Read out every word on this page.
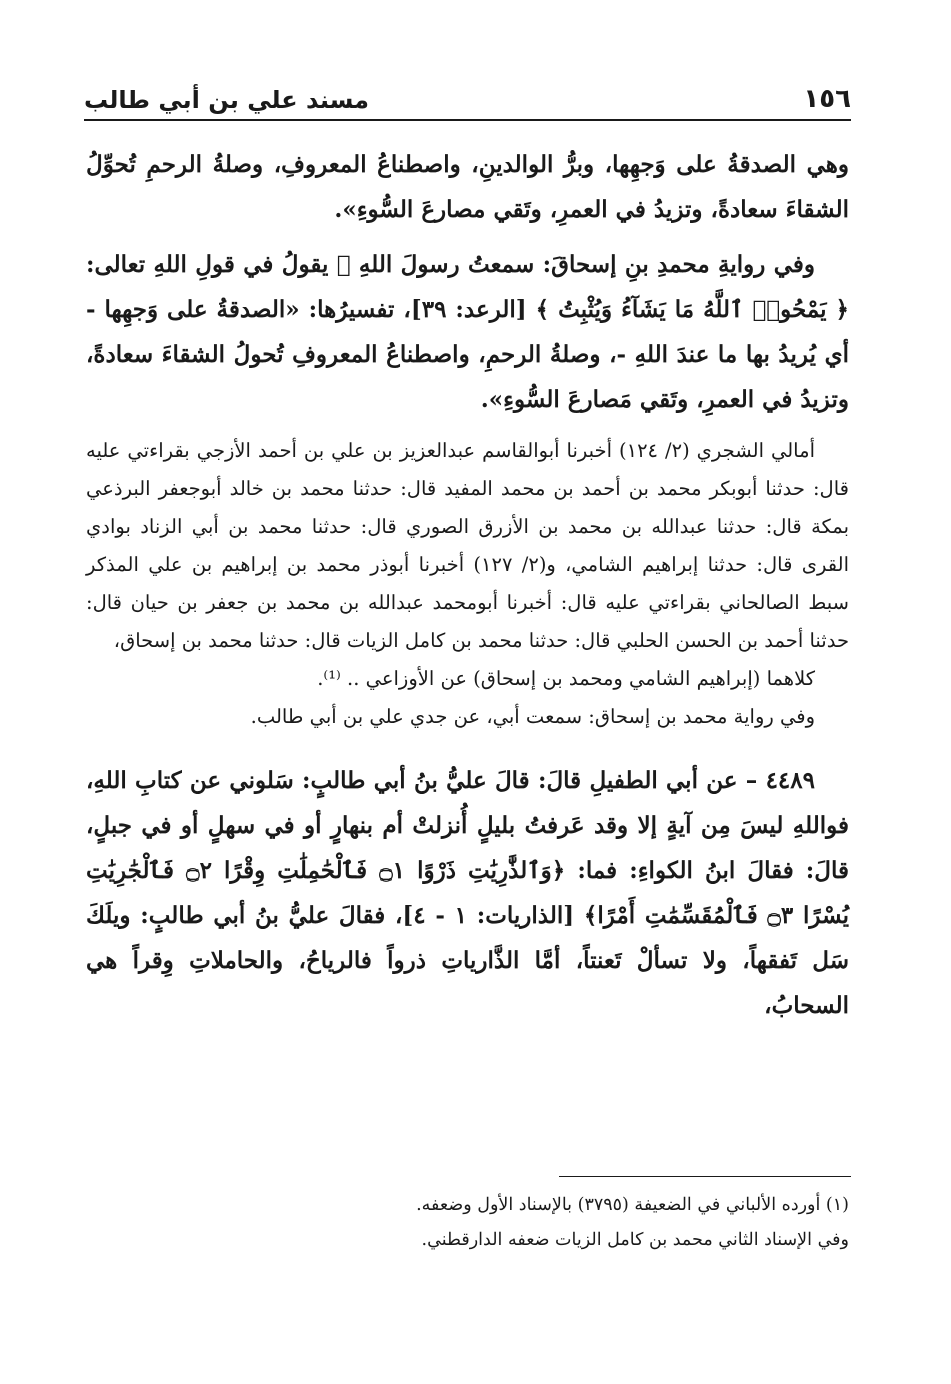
١٥٦
مسند علي بن أبي طالب

وهي الصدقةُ على وَجهِها، وبرُّ الوالدينِ، واصطناعُ المعروفِ، وصلةُ الرحمِ تُحوِّلُ الشقاءَ سعادةً، وتزيدُ في العمرِ، وتَقي مصارعَ السُّوءِ».

وفي روايةِ محمدِ بنِ إسحاقَ: سمعتُ رسولَ اللهِ ﷺ يقولُ في قولِ اللهِ تعالى: ﴿ يَمْحُوا۟ ٱللَّهُ مَا يَشَآءُ وَيُثْبِتُ ﴾ [الرعد: ٣٩]، تفسيرُها: «الصدقةُ على وَجهِها - أي يُريدُ بها ما عندَ اللهِ -، وصلةُ الرحمِ، واصطناعُ المعروفِ تُحولُ الشقاءَ سعادةً، وتزيدُ في العمرِ، وتَقي مَصارعَ السُّوءِ».

أمالي الشجري (٢/ ١٢٤) أخبرنا أبوالقاسم عبدالعزيز بن علي بن أحمد الأزجي بقراءتي عليه قال: حدثنا أبوبكر محمد بن أحمد بن محمد المفيد قال: حدثنا محمد بن خالد أبوجعفر البرذعي بمكة قال: حدثنا عبدالله بن محمد بن الأزرق الصوري قال: حدثنا محمد بن أبي الزناد بوادي القرى قال: حدثنا إبراهيم الشامي، و(٢/ ١٢٧) أخبرنا أبوذر محمد بن إبراهيم بن علي المذكر سبط الصالحاني بقراءتي عليه قال: أخبرنا أبومحمد عبدالله بن محمد بن جعفر بن حيان قال: حدثنا أحمد بن الحسن الحلبي قال: حدثنا محمد بن كامل الزيات قال: حدثنا محمد بن إسحاق،

كلاهما (إبراهيم الشامي ومحمد بن إسحاق) عن الأوزاعي .. ⁽¹⁾.

وفي رواية محمد بن إسحاق: سمعت أبي، عن جدي علي بن أبي طالب.

٤٤٨٩ – عن أبي الطفيلِ قالَ: قالَ عليُّ بنُ أبي طالبٍ: سَلوني عن كتابِ اللهِ، فواللهِ ليسَ مِن آيةٍ إلا وقد عَرفتُ بليلٍ أُنزلتْ أم بنهارٍ أو في سهلٍ أو في جبلٍ، قالَ: فقالَ ابنُ الكواءِ: فما: ﴿وَٱلذَّٰرِيَٰتِ ذَرْوًا ۝١ فَٱلْحَٰمِلَٰتِ وِقْرًا ۝٢ فَٱلْجَٰرِيَٰتِ يُسْرًا ۝٣ فَٱلْمُقَسِّمَٰتِ أَمْرًا﴾ [الذاريات: ١ - ٤]، فقالَ عليُّ بنُ أبي طالبٍ: ويلَكَ سَل تَفقهاً، ولا تسألْ تَعنتاً، أمَّا الذَّارياتِ ذرواً فالرياحُ، والحاملاتِ وِقراً هي السحابُ،

(١) أورده الألباني في الضعيفة (٣٧٩٥) بالإسناد الأول وضعفه.
وفي الإسناد الثاني محمد بن كامل الزيات ضعفه الدارقطني.
